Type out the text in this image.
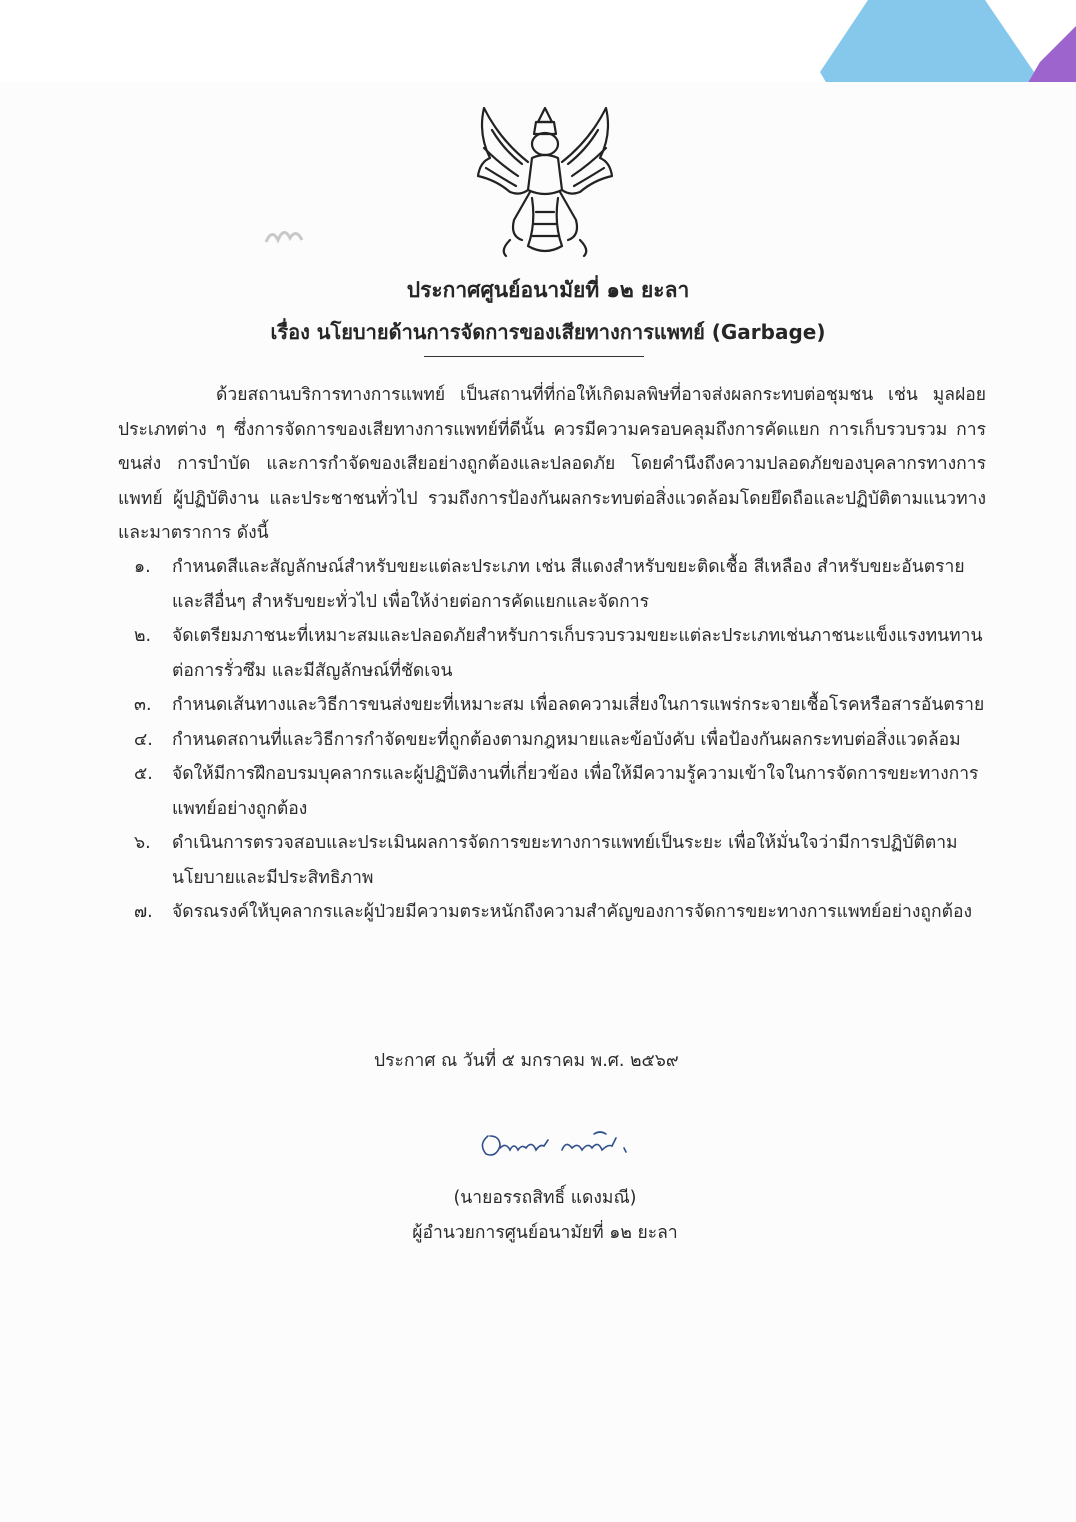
ประกาศศูนย์อนามัยที่ ๑๒ ยะลา
เรื่อง นโยบายด้านการจัดการของเสียทางการแพทย์ (Garbage)

ด้วยสถานบริการทางการแพทย์ เป็นสถานที่ที่ก่อให้เกิดมลพิษที่อาจส่งผลกระทบต่อชุมชน เช่น มูลฝอยประเภทต่าง ๆ ซึ่งการจัดการของเสียทางการแพทย์ที่ดีนั้น ควรมีความครอบคลุมถึงการคัดแยก การเก็บรวบรวม การขนส่ง การบำบัด และการกำจัดของเสียอย่างถูกต้องและปลอดภัย โดยคำนึงถึงความปลอดภัยของบุคลากรทางการแพทย์ ผู้ปฏิบัติงาน และประชาชนทั่วไป รวมถึงการป้องกันผลกระทบต่อสิ่งแวดล้อมโดยยึดถือและปฏิบัติตามแนวทางและมาตราการ ดังนี้

๑. กำหนดสีและสัญลักษณ์สำหรับขยะแต่ละประเภท เช่น สีแดงสำหรับขยะติดเชื้อ สีเหลือง สำหรับขยะอันตราย และสีอื่นๆ สำหรับขยะทั่วไป เพื่อให้ง่ายต่อการคัดแยกและจัดการ
๒. จัดเตรียมภาชนะที่เหมาะสมและปลอดภัยสำหรับการเก็บรวบรวมขยะแต่ละประเภทเช่นภาชนะแข็งแรงทนทานต่อการรั่วซึม และมีสัญลักษณ์ที่ชัดเจน
๓. กำหนดเส้นทางและวิธีการขนส่งขยะที่เหมาะสม เพื่อลดความเสี่ยงในการแพร่กระจายเชื้อโรคหรือสารอันตราย
๔. กำหนดสถานที่และวิธีการกำจัดขยะที่ถูกต้องตามกฎหมายและข้อบังคับ เพื่อป้องกันผลกระทบต่อสิ่งแวดล้อม
๕. จัดให้มีการฝึกอบรมบุคลากรและผู้ปฏิบัติงานที่เกี่ยวข้อง เพื่อให้มีความรู้ความเข้าใจในการจัดการขยะทางการแพทย์อย่างถูกต้อง
๖. ดำเนินการตรวจสอบและประเมินผลการจัดการขยะทางการแพทย์เป็นระยะ เพื่อให้มั่นใจว่ามีการปฏิบัติตามนโยบายและมีประสิทธิภาพ
๗. จัดรณรงค์ให้บุคลากรและผู้ป่วยมีความตระหนักถึงความสำคัญของการจัดการขยะทางการแพทย์อย่างถูกต้อง

ประกาศ ณ วันที่ ๕ มกราคม พ.ศ. ๒๕๖๙

(นายอรรถสิทธิ์ แดงมณี)

ผู้อำนวยการศูนย์อนามัยที่ ๑๒ ยะลา
